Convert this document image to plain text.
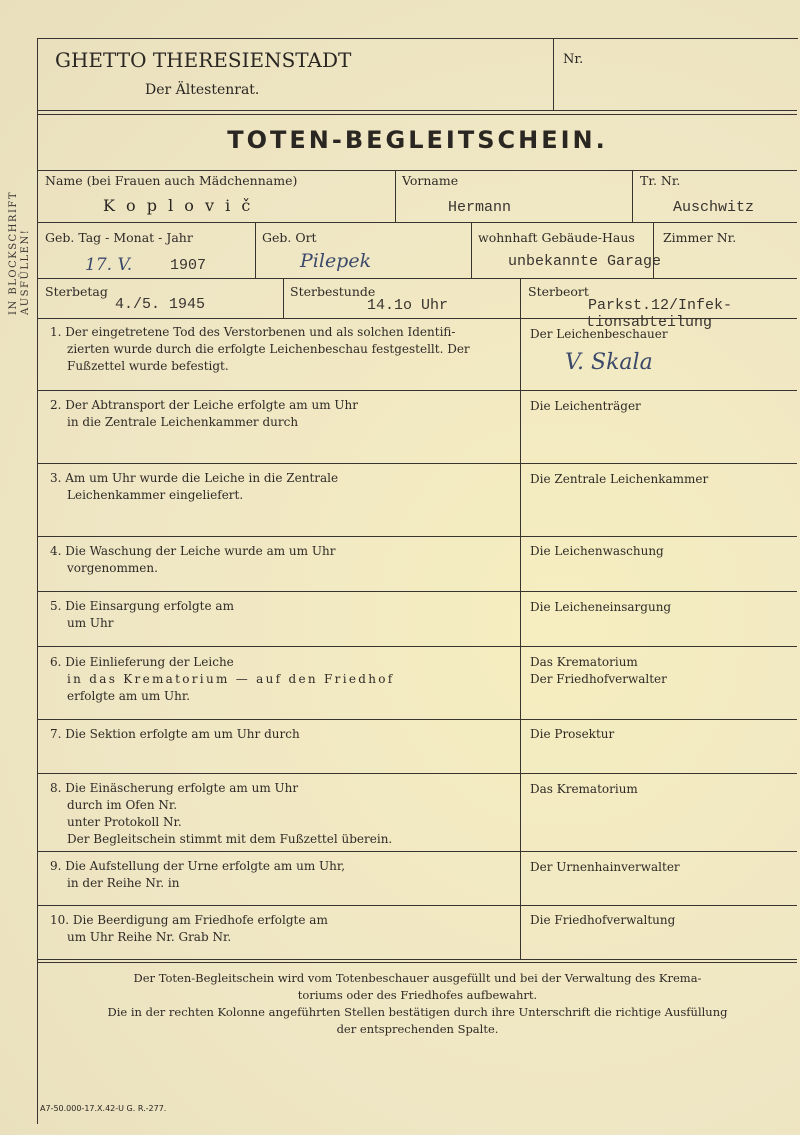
IN BLOCKSCHRIFT AUSFÜLLEN!
GHETTO THERESIENSTADT
Der Ältestenrat.
Nr.
TOTEN-BEGLEITSCHEIN.
Name (bei Frauen auch Mädchenname)
K o p l o v i č
Vorname
Hermann
Tr. Nr.
Auschwitz
Geb. Tag - Monat - Jahr
17. V.	1907
Geb. Ort
Pilepek
wohnhaft Gebäude-Haus
unbekannte Garage
Zimmer Nr.
Sterbetag
4./5. 1945
Sterbestunde
14.1o Uhr
Sterbeort
Parkst.12/Infek-
1. Der eingetretene Tod des Verstorbenen und als solchen Identifi-
zierten wurde durch die erfolgte Leichenbeschau festgestellt. Der
Fußzettel wurde befestigt.
Der Leichenbeschauer
tionsabteilung
V. Skala
2. Der Abtransport der Leiche erfolgte am um Uhr
in die Zentrale Leichenkammer durch
Die Leichenträger
3. Am um Uhr wurde die Leiche in die Zentrale
Leichenkammer eingeliefert.
Die Zentrale Leichenkammer
4. Die Waschung der Leiche wurde am um Uhr
vorgenommen.
Die Leichenwaschung
5. Die Einsargung erfolgte am
um Uhr
Die Leicheneinsargung
6. Die Einlieferung der Leiche
in das Krematorium — auf den Friedhof
erfolgte am um Uhr.
Das Krematorium
Der Friedhofverwalter
7. Die Sektion erfolgte am um Uhr durch	Die Prosektur
8. Die Einäscherung erfolgte am um Uhr
durch im Ofen Nr.
unter Protokoll Nr.
Der Begleitschein stimmt mit dem Fußzettel überein.
Das Krematorium
9. Die Aufstellung der Urne erfolgte am um Uhr,
in der Reihe Nr. in
Der Urnenhainverwalter
10. Die Beerdigung am Friedhofe erfolgte am
um Uhr Reihe Nr. Grab Nr.
Die Friedhofverwaltung
Der Toten-Begleitschein wird vom Totenbeschauer ausgefüllt und bei der Verwaltung des Krema-
toriums oder des Friedhofes aufbewahrt.
Die in der rechten Kolonne angeführten Stellen bestätigen durch ihre Unterschrift die richtige Ausfüllung
der entsprechenden Spalte.
A7-50.000-17.X.42-U G. R.-277.
